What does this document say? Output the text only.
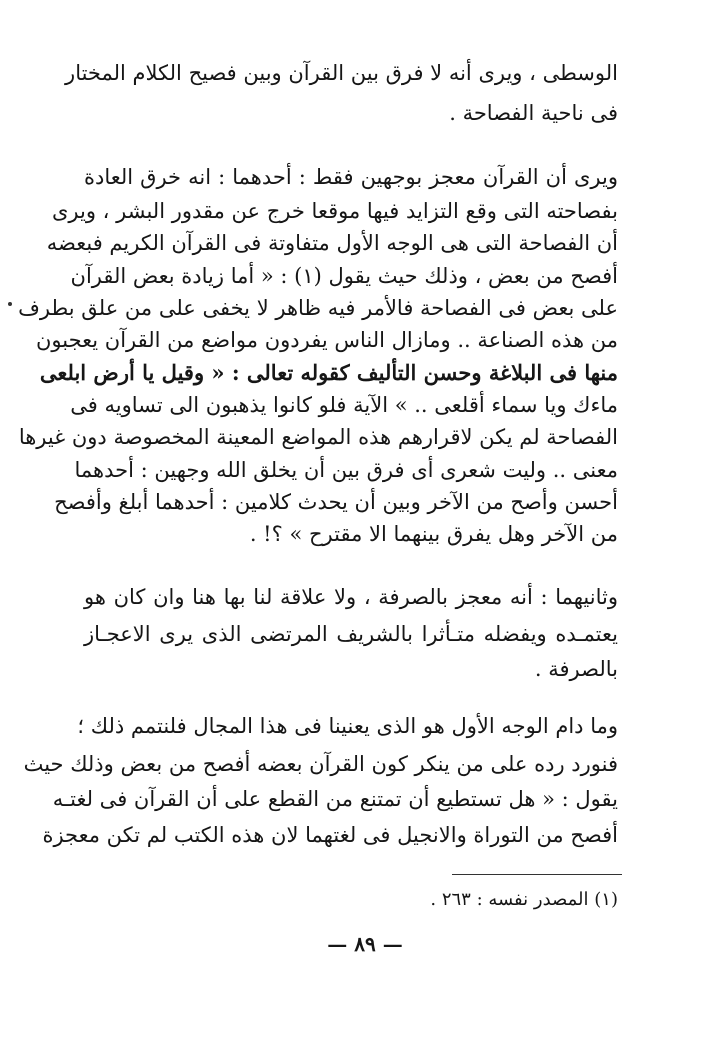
الوسطى ، ويرى أنه لا فرق بين القرآن وبين فصيح الكلام المختار
فى ناحية الفصاحة .
ويرى أن القرآن معجز بوجهين فقط : أحدهما : انه خرق العادة
بفصاحته التى وقع التزايد فيها موقعا خرج عن مقدور البشر ، ويرى
أن الفصاحة التى هى الوجه الأول متفاوتة فى القرآن الكريم فبعضه
أفصح من بعض ، وذلك حيث يقول (١) : « أما زيادة بعض القرآن
على بعض فى الفصاحة فالأمر فيه ظاهر لا يخفى على من علق بطرف
من هذه الصناعة .. ومازال الناس يفردون مواضع من القرآن يعجبون
منها فى البلاغة وحسن التأليف كقوله تعالى : « وقيل يا أرض ابلعى
ماءك ويا سماء أقلعى .. » الآية فلو كانوا يذهبون الى تساويه فى
الفصاحة لم يكن لاقرارهم هذه المواضع المعينة المخصوصة دون غيرها
معنى .. وليت شعرى أى فرق بين أن يخلق الله وجهين : أحدهما
أحسن وأصح من الآخر وبين أن يحدث كلامين : أحدهما أبلغ وأفصح
من الآخر وهل يفرق بينهما الا مقترح » ؟! .
وثانيهما : أنه معجز بالصرفة ، ولا علاقة لنا بها هنا وان كان هو
يعتمـده ويفضله متـأثرا بالشريف المرتضى الذى يرى الاعجـاز
بالصرفة .
وما دام الوجه الأول هو الذى يعنينا فى هذا المجال فلنتمم ذلك ؛
فنورد رده على من ينكر كون القرآن بعضه أفصح من بعض وذلك حيث
يقول : « هل تستطيع أن تمتنع من القطع على أن القرآن فى لغتـه
أفصح من التوراة والانجيل فى لغتهما لان هذه الكتب لم تكن معجزة
(١) المصدر نفسه : ٢٦٣ .
— ٨٩ —
